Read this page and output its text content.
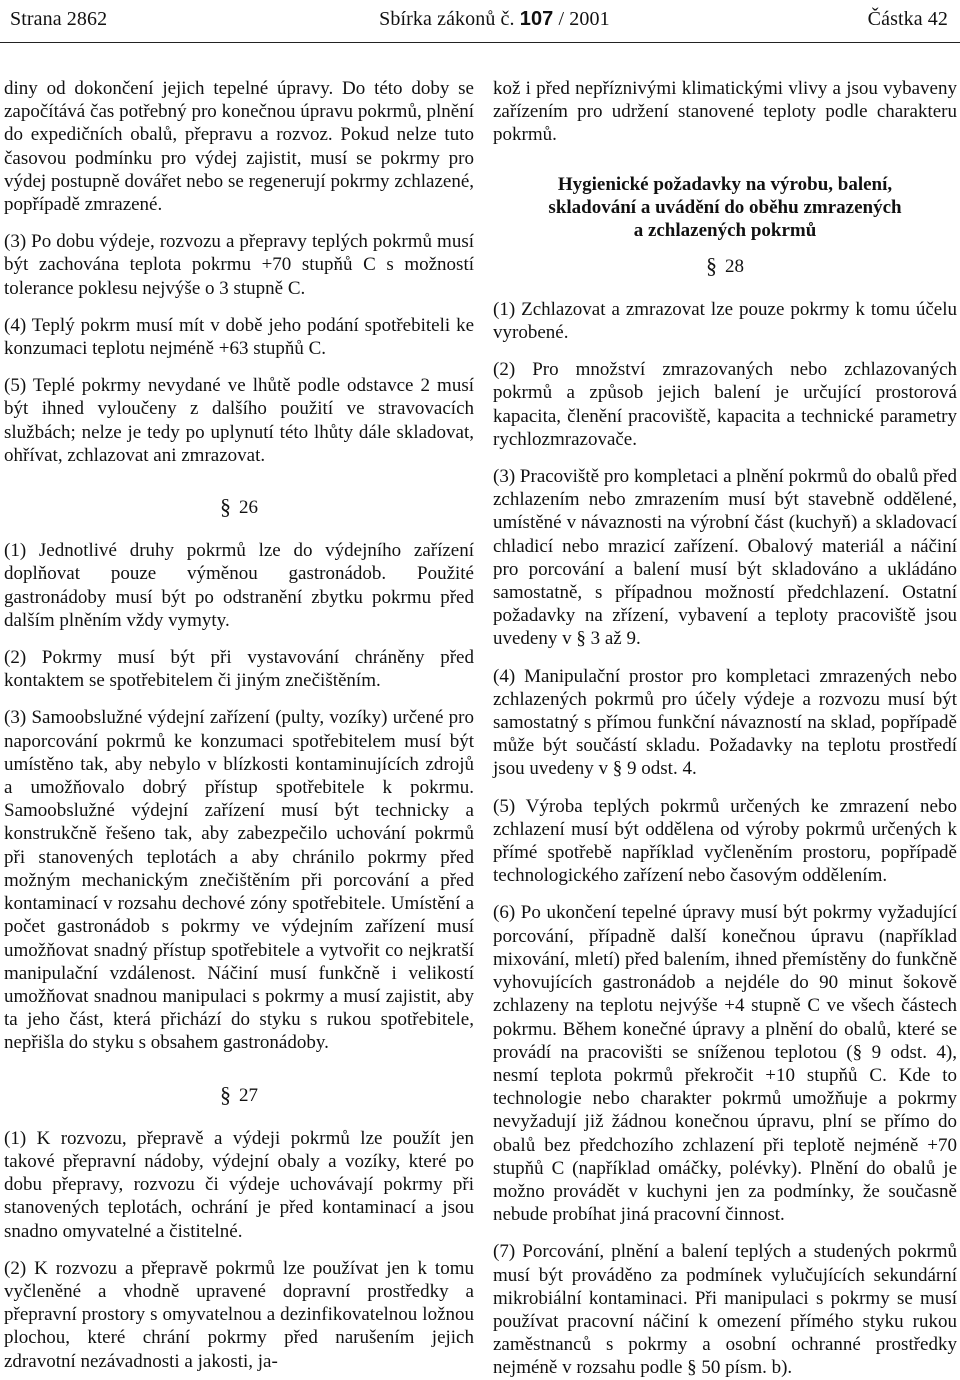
Strana 2862	Sbírka zákonů č. 107 / 2001	Částka 42

diny od dokončení jejich tepelné úpravy. Do této doby se započítává čas potřebný pro konečnou úpravu pokrmů, plnění do expedičních obalů, přepravu a rozvoz. Pokud nelze tuto časovou podmínku pro výdej zajistit, musí se pokrmy pro výdej postupně dovářet nebo se regenerují pokrmy zchlazené, popřípadě zmrazené.

(3) Po dobu výdeje, rozvozu a přepravy teplých pokrmů musí být zachována teplota pokrmu +70 stupňů C s možností tolerance poklesu nejvýše o 3 stupně C.

(4) Teplý pokrm musí mít v době jeho podání spotřebiteli ke konzumaci teplotu nejméně +63 stupňů C.

(5) Teplé pokrmy nevydané ve lhůtě podle odstavce 2 musí být ihned vyloučeny z dalšího použití ve stravovacích službách; nelze je tedy po uplynutí této lhůty dále skladovat, ohřívat, zchlazovat ani zmrazovat.

§ 26

(1) Jednotlivé druhy pokrmů lze do výdejního zařízení doplňovat pouze výměnou gastronádob. Použité gastronádoby musí být po odstranění zbytku pokrmu před dalším plněním vždy vymyty.

(2) Pokrmy musí být při vystavování chráněny před kontaktem se spotřebitelem či jiným znečištěním.

(3) Samoobslužné výdejní zařízení (pulty, vozíky) určené pro naporcování pokrmů ke konzumaci spotřebitelem musí být umístěno tak, aby nebylo v blízkosti kontaminujících zdrojů a umožňovalo dobrý přístup spotřebitele k pokrmu. Samoobslužné výdejní zařízení musí být technicky a konstrukčně řešeno tak, aby zabezpečilo uchování pokrmů při stanovených teplotách a aby chránilo pokrmy před možným mechanickým znečištěním při porcování a před kontaminací v rozsahu dechové zóny spotřebitele. Umístění a počet gastronádob s pokrmy ve výdejním zařízení musí umožňovat snadný přístup spotřebitele a vytvořit co nejkratší manipulační vzdálenost. Náčiní musí funkčně i velikostí umožňovat snadnou manipulaci s pokrmy a musí zajistit, aby ta jeho část, která přichází do styku s rukou spotřebitele, nepřišla do styku s obsahem gastronádoby.

§ 27

(1) K rozvozu, přepravě a výdeji pokrmů lze použít jen takové přepravní nádoby, výdejní obaly a vozíky, které po dobu přepravy, rozvozu či výdeje uchovávají pokrmy při stanovených teplotách, ochrání je před kontaminací a jsou snadno omyvatelné a čistitelné.

(2) K rozvozu a přepravě pokrmů lze používat jen k tomu vyčleněné a vhodně upravené dopravní prostředky a přepravní prostory s omyvatelnou a dezinfikovatelnou ložnou plochou, které chrání pokrmy před narušením jejich zdravotní nezávadnosti a jakosti, ja-

kož i před nepříznivými klimatickými vlivy a jsou vybaveny zařízením pro udržení stanovené teploty podle charakteru pokrmů.

Hygienické požadavky na výrobu, balení,
skladování a uvádění do oběhu zmrazených
a zchlazených pokrmů
§ 28

(1) Zchlazovat a zmrazovat lze pouze pokrmy k tomu účelu vyrobené.

(2) Pro množství zmrazovaných nebo zchlazovaných pokrmů a způsob jejich balení je určující prostorová kapacita, členění pracoviště, kapacita a technické parametry rychlozmrazovače.

(3) Pracoviště pro kompletaci a plnění pokrmů do obalů před zchlazením nebo zmrazením musí být stavebně oddělené, umístěné v návaznosti na výrobní část (kuchyň) a skladovací chladicí nebo mrazicí zařízení. Obalový materiál a náčiní pro porcování a balení musí být skladováno a ukládáno samostatně, s případnou možností předchlazení. Ostatní požadavky na zřízení, vybavení a teploty pracoviště jsou uvedeny v § 3 až 9.

(4) Manipulační prostor pro kompletaci zmrazených nebo zchlazených pokrmů pro účely výdeje a rozvozu musí být samostatný s přímou funkční návazností na sklad, popřípadě může být součástí skladu. Požadavky na teplotu prostředí jsou uvedeny v § 9 odst. 4.

(5) Výroba teplých pokrmů určených ke zmrazení nebo zchlazení musí být oddělena od výroby pokrmů určených k přímé spotřebě například vyčleněním prostoru, popřípadě technologického zařízení nebo časovým oddělením.

(6) Po ukončení tepelné úpravy musí být pokrmy vyžadující porcování, případně další konečnou úpravu (například mixování, mletí) před balením, ihned přemístěny do funkčně vyhovujících gastronádob a nejdéle do 90 minut šokově zchlazeny na teplotu nejvýše +4 stupně C ve všech částech pokrmu. Během konečné úpravy a plnění do obalů, které se provádí na pracovišti se sníženou teplotou (§ 9 odst. 4), nesmí teplota pokrmů překročit +10 stupňů C. Kde to technologie nebo charakter pokrmů umožňuje a pokrmy nevyžadují již žádnou konečnou úpravu, plní se přímo do obalů bez předchozího zchlazení při teplotě nejméně +70 stupňů C (například omáčky, polévky). Plnění do obalů je možno provádět v kuchyni jen za podmínky, že současně nebude probíhat jiná pracovní činnost.

(7) Porcování, plnění a balení teplých a studených pokrmů musí být prováděno za podmínek vylučujících sekundární mikrobiální kontaminaci. Při manipulaci s pokrmy se musí používat pracovní náčiní k omezení přímého styku rukou zaměstnanců s pokrmy a osobní ochranné prostředky nejméně v rozsahu podle § 50 písm. b).
